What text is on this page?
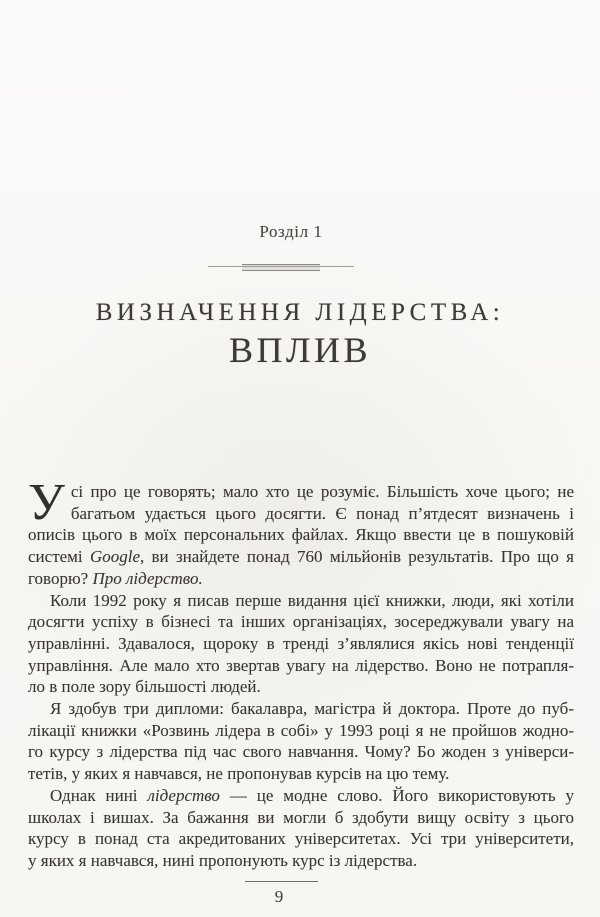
Розділ 1
ВИЗНАЧЕННЯ ЛІДЕРСТВА:
ВПЛИВ
У сі про це говорять; мало хто це розуміє. Більшість хоче цього; не
багатьом удається цього досягти. Є понад п’ятдесят визначень і
описів цього в моїх персональних файлах. Якщо ввести це в пошуковій
системі Google, ви знайдете понад 760 мільйонів результатів. Про що я
говорю? Про лідерство.
Коли 1992 року я писав перше видання цієї книжки, люди, які хотіли
досягти успіху в бізнесі та інших організаціях, зосереджували увагу на
управлінні. Здавалося, щороку в тренді з’являлися якісь нові тенденції
управління. Але мало хто звертав увагу на лідерство. Воно не потрапля-
ло в поле зору більшості людей.
Я здобув три дипломи: бакалавра, магістра й доктора. Проте до пуб-
лікації книжки «Розвинь лідера в собі» у 1993 році я не пройшов жодно-
го курсу з лідерства під час свого навчання. Чому? Бо жоден з універси-
тетів, у яких я навчався, не пропонував курсів на цю тему.
Однак нині лідерство — це модне слово. Його використовують у
школах і вишах. За бажання ви могли б здобути вищу освіту з цього
курсу в понад ста акредитованих університетах. Усі три університети,
у яких я навчався, нині пропонують курс із лідерства.
9
